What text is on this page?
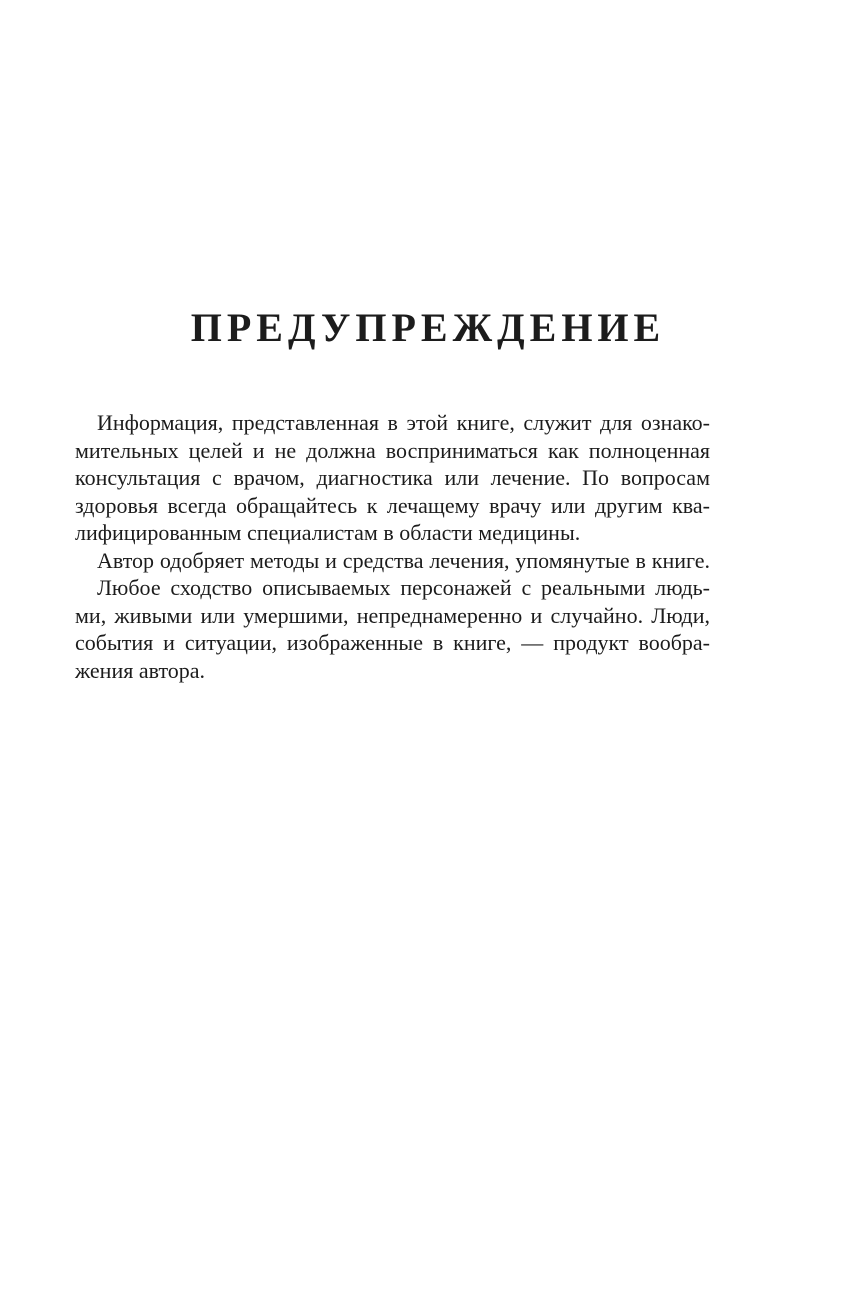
ПРЕДУПРЕЖДЕНИЕ
Информация, представленная в этой книге, служит для ознако-
мительных целей и не должна восприниматься как полноценная
консультация с врачом, диагностика или лечение. По вопросам
здоровья всегда обращайтесь к лечащему врачу или другим ква-
лифицированным специалистам в области медицины.
Автор одобряет методы и средства лечения, упомянутые в книге.
Любое сходство описываемых персонажей с реальными людь-
ми, живыми или умершими, непреднамеренно и случайно. Люди,
события и ситуации, изображенные в книге, — продукт вообра-
жения автора.
